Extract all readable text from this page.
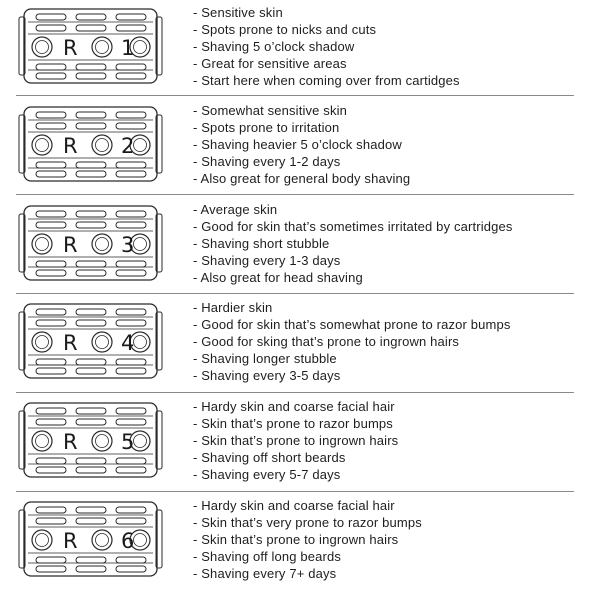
R 1
- Sensitive skin
- Spots prone to nicks and cuts
- Shaving 5 o’clock shadow
- Great for sensitive areas
- Start here when coming over from cartidges
R 2
- Somewhat sensitive skin
- Spots prone to irritation
- Shaving heavier 5 o’clock shadow
- Shaving every 1-2 days
- Also great for general body shaving
R 3
- Average skin
- Good for skin that’s sometimes irritated by cartridges
- Shaving short stubble
- Shaving every 1-3 days
- Also great for head shaving
R 4
- Hardier skin
- Good for skin that’s somewhat prone to razor bumps
- Good for sking that’s prone to ingrown hairs
- Shaving longer stubble
- Shaving every 3-5 days
R 5
- Hardy skin and coarse facial hair
- Skin that’s prone to razor bumps
- Skin that’s prone to ingrown hairs
- Shaving off short beards
- Shaving every 5-7 days
R 6
- Hardy skin and coarse facial hair
- Skin that’s very prone to razor bumps
- Skin that’s prone to ingrown hairs
- Shaving off long beards
- Shaving every 7+ days
